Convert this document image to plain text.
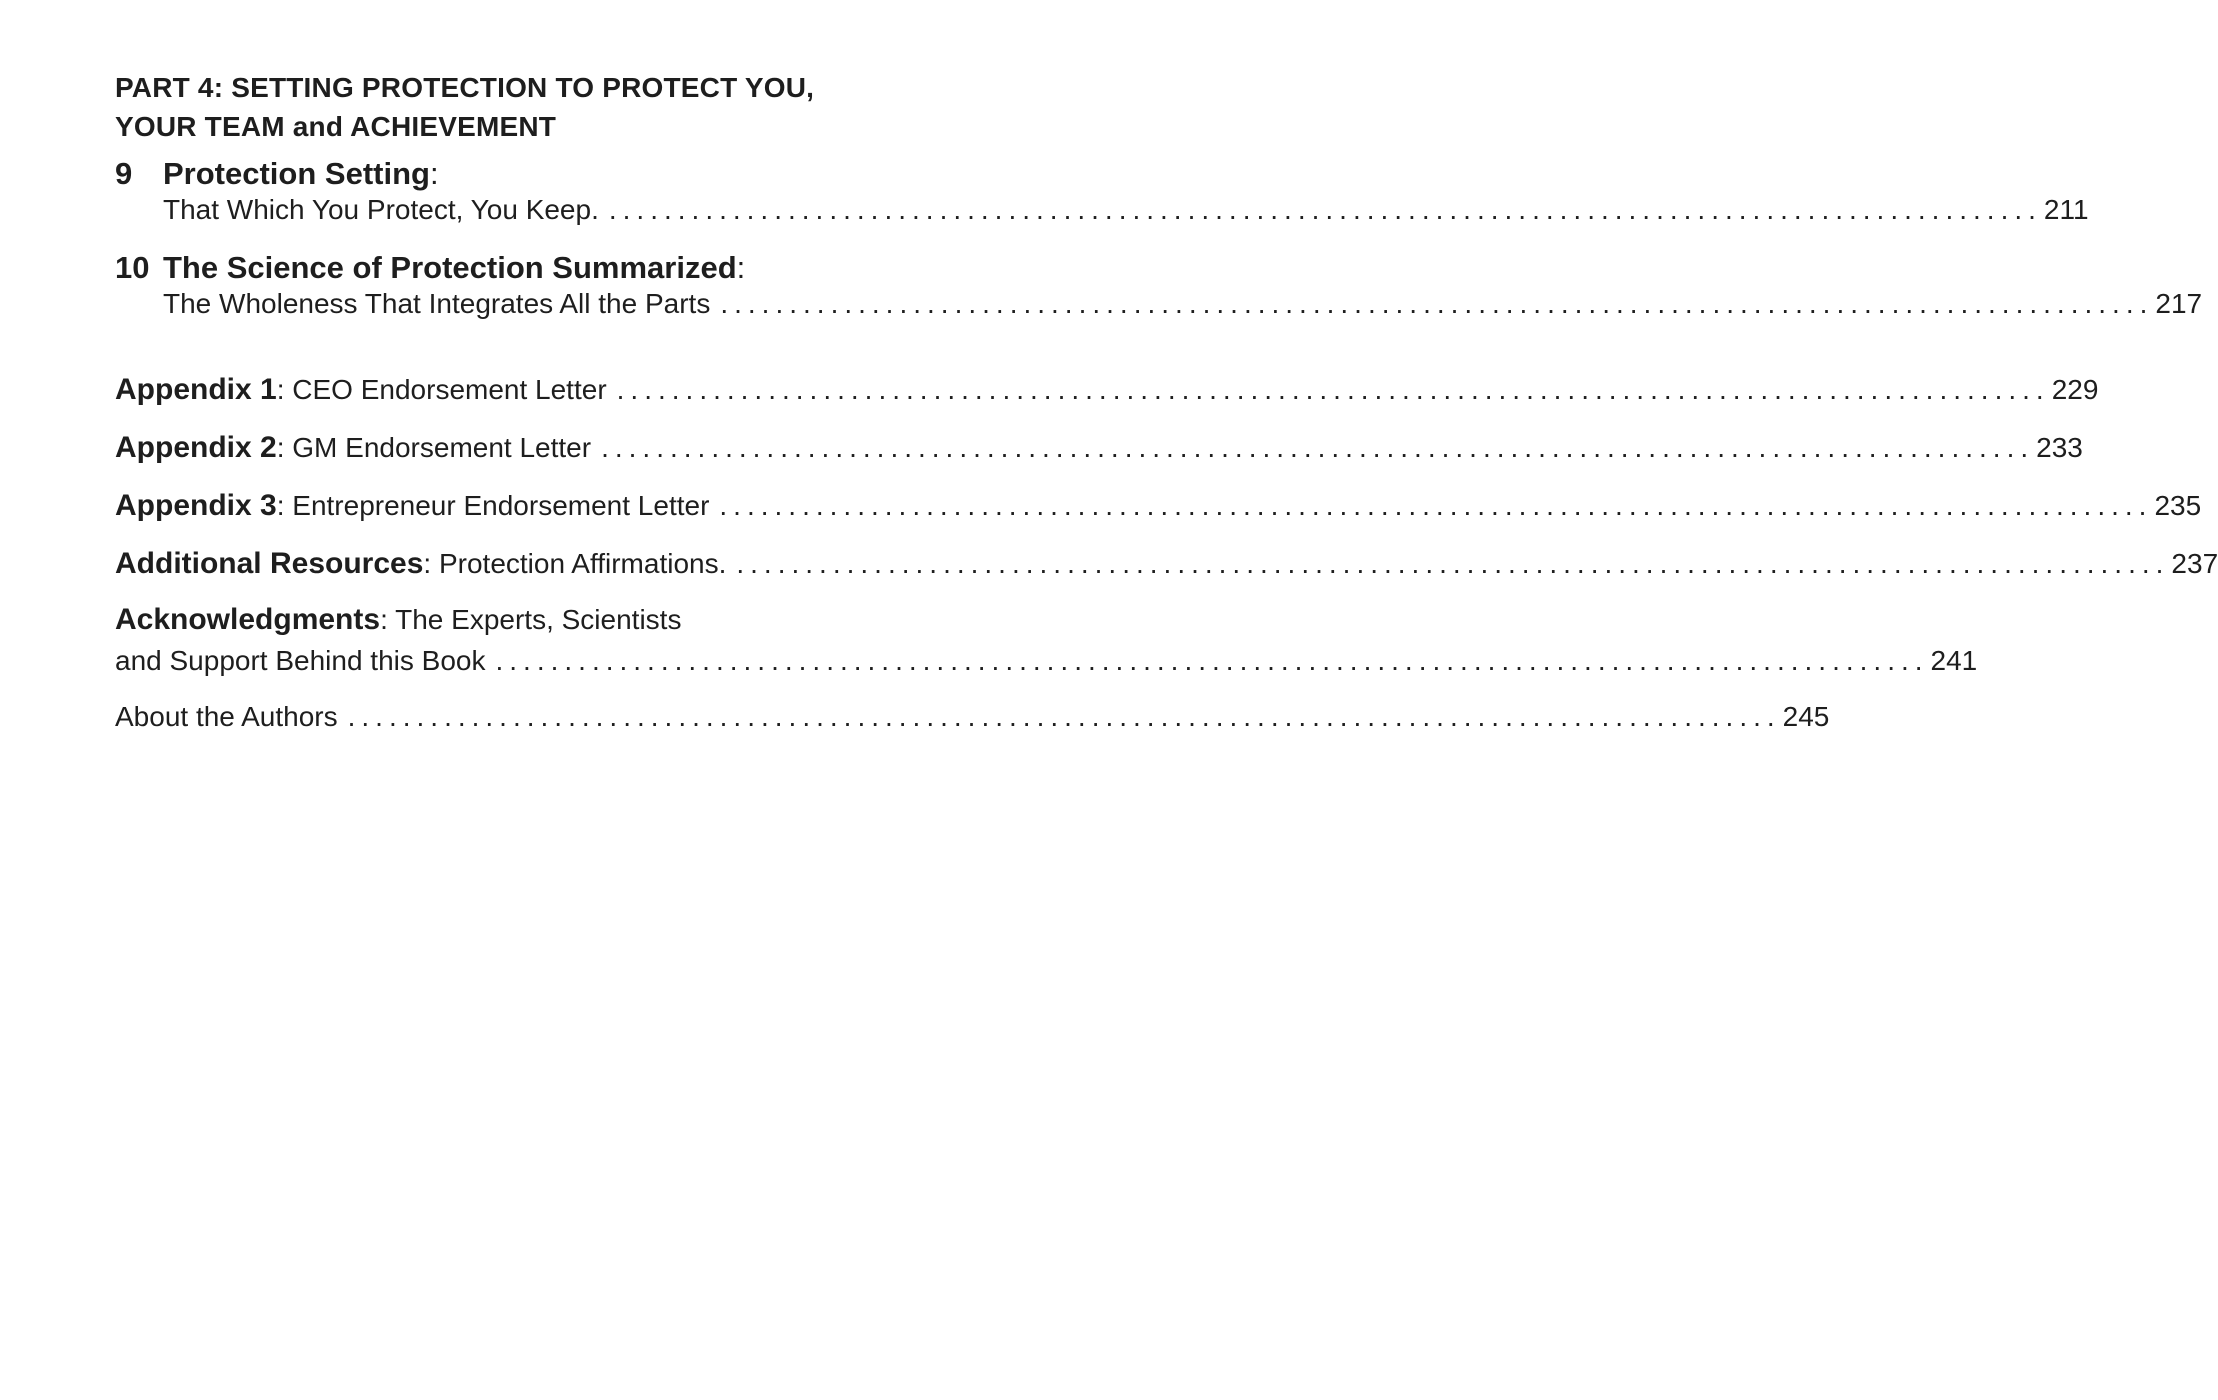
PART 4: SETTING PROTECTION TO PROTECT YOU,

YOUR TEAM and ACHIEVEMENT

9 Protection Setting:
That Which You Protect, You Keep. ........................................................................................................ 211
10 The Science of Protection Summarized:
The Wholeness That Integrates All the Parts ........................................................................................................ 217
Appendix 1: CEO Endorsement Letter ........................................................................................................ 229
Appendix 2: GM Endorsement Letter ........................................................................................................ 233
Appendix 3: Entrepreneur Endorsement Letter ........................................................................................................ 235
Additional Resources: Protection Affirmations. ........................................................................................................ 237
Acknowledgments: The Experts, Scientists
and Support Behind this Book ........................................................................................................ 241
About the Authors ........................................................................................................ 245
